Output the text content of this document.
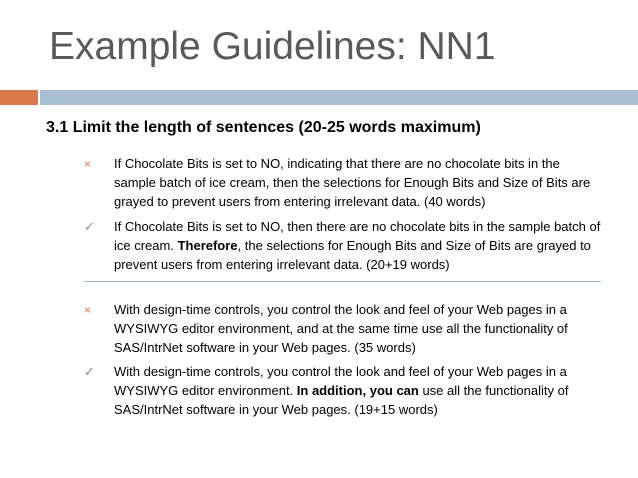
Example Guidelines: NN1
3.1 Limit the length of sentences (20-25 words maximum)
×	If Chocolate Bits is set to NO, indicating that there are no chocolate bits in the sample batch of ice cream, then the selections for Enough Bits and Size of Bits are grayed to prevent users from entering irrelevant data. (40 words)
✓	If Chocolate Bits is set to NO, then there are no chocolate bits in the sample batch of ice cream. Therefore, the selections for Enough Bits and Size of Bits are grayed to prevent users from entering irrelevant data. (20+19 words)
×	With design-time controls, you control the look and feel of your Web pages in a WYSIWYG editor environment, and at the same time use all the functionality of SAS/IntrNet software in your Web pages. (35 words)
✓	With design-time controls, you control the look and feel of your Web pages in a WYSIWYG editor environment. In addition, you can use all the functionality of SAS/IntrNet software in your Web pages. (19+15 words)
